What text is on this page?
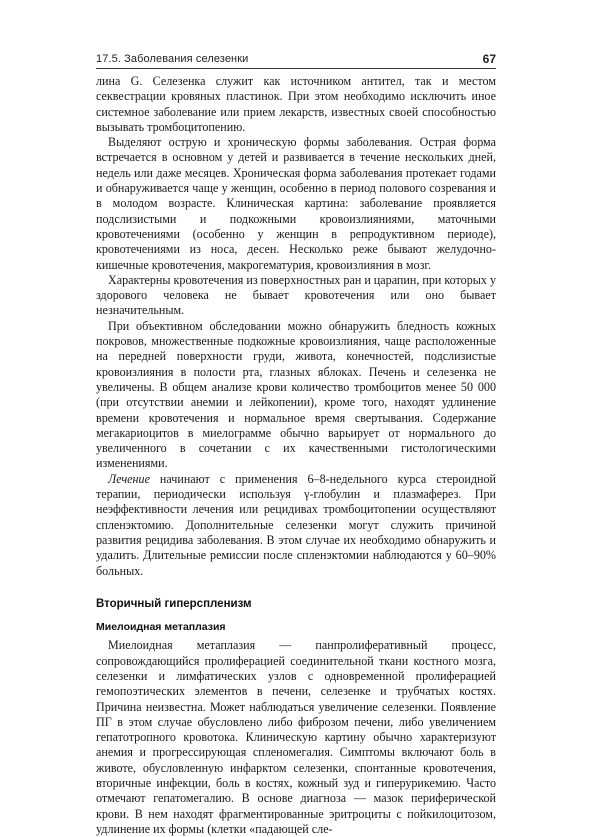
17.5. Заболевания селезенки	67

лина G. Селезенка служит как источником антител, так и местом секвестрации кровяных пластинок. При этом необходимо исключить иное системное заболевание или прием лекарств, известных своей способностью вызывать тромбоцитопению.

Выделяют острую и хроническую формы заболевания. Острая форма встречается в основном у детей и развивается в течение нескольких дней, недель или даже месяцев. Хроническая форма заболевания протекает годами и обнаруживается чаще у женщин, особенно в период полового созревания и в молодом возрасте. Клиническая картина: заболевание проявляется подслизистыми и подкожными кровоизлияниями, маточными кровотечениями (особенно у женщин в репродуктивном периоде), кровотечениями из носа, десен. Несколько реже бывают желудочно-кишечные кровотечения, макрогематурия, кровоизлияния в мозг.

Характерны кровотечения из поверхностных ран и царапин, при которых у здорового человека не бывает кровотечения или оно бывает незначительным.

При объективном обследовании можно обнаружить бледность кожных покровов, множественные подкожные кровоизлияния, чаще расположенные на передней поверхности груди, живота, конечностей, подслизистые кровоизлияния в полости рта, глазных яблоках. Печень и селезенка не увеличены. В общем анализе крови количество тромбоцитов менее 50 000 (при отсутствии анемии и лейкопении), кроме того, находят удлинение времени кровотечения и нормальное время свертывания. Содержание мегакариоцитов в миелограмме обычно варьирует от нормального до увеличенного в сочетании с их качественными гистологическими изменениями.

Лечение начинают с применения 6–8-недельного курса стероидной терапии, периодически используя γ-глобулин и плазмаферез. При неэффективности лечения или рецидивах тромбоцитопении осуществляют спленэктомию. Дополнительные селезенки могут служить причиной развития рецидива заболевания. В этом случае их необходимо обнаружить и удалить. Длительные ремиссии после спленэктомии наблюдаются у 60–90% больных.

Вторичный гиперспленизм
Миелоидная метаплазия

Миелоидная метаплазия — панпролиферативный процесс, сопровождающийся пролиферацией соединительной ткани костного мозга, селезенки и лимфатических узлов с одновременной пролиферацией гемопоэтических элементов в печени, селезенке и трубчатых костях. Причина неизвестна. Может наблюдаться увеличение селезенки. Появление ПГ в этом случае обусловлено либо фиброзом печени, либо увеличением гепатотропного кровотока. Клиническую картину обычно характеризуют анемия и прогрессирующая спленомегалия. Симптомы включают боль в животе, обусловленную инфарктом селезенки, спонтанные кровотечения, вторичные инфекции, боль в костях, кожный зуд и гиперурикемию. Часто отмечают гепатомегалию. В основе диагноза — мазок периферической крови. В нем находят фрагментированные эритроциты с пойкилоцитозом, удлинение их формы (клетки «падающей сле-
